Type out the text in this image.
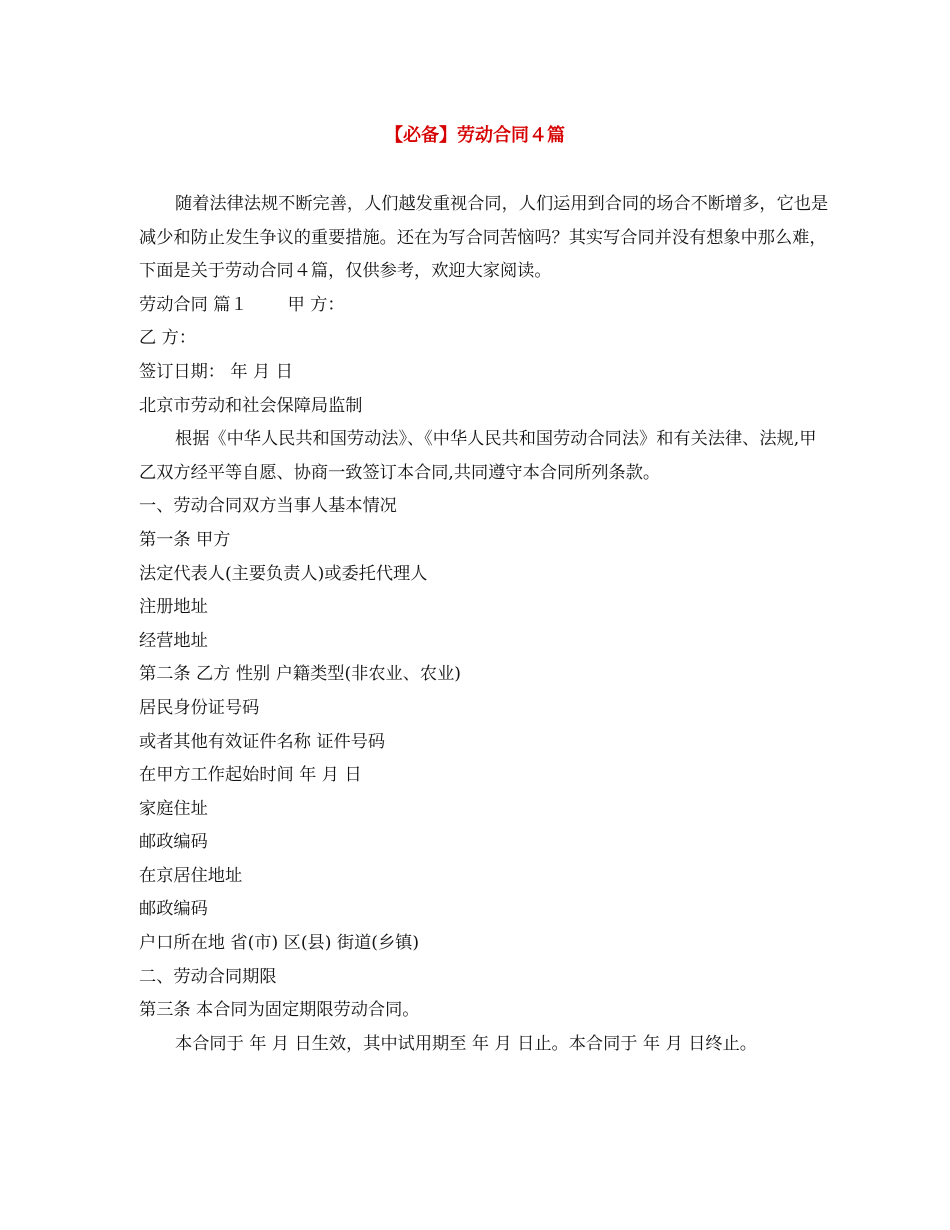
【必备】劳动合同４篇

随着法律法规不断完善，人们越发重视合同，人们运用到合同的场合不断增多，它也是减少和防止发生争议的重要措施。还在为写合同苦恼吗？其实写合同并没有想象中那么难，下面是关于劳动合同４篇，仅供参考，欢迎大家阅读。

劳动合同 篇１ 甲 方：

乙 方：

签订日期： 年 月 日

北京市劳动和社会保障局监制

根据《中华人民共和国劳动法》、《中华人民共和国劳动合同法》和有关法律、法规,甲乙双方经平等自愿、协商一致签订本合同,共同遵守本合同所列条款。

一、劳动合同双方当事人基本情况

第一条 甲方

法定代表人(主要负责人)或委托代理人

注册地址

经营地址

第二条 乙方 性别 户籍类型(非农业、农业)

居民身份证号码

或者其他有效证件名称 证件号码

在甲方工作起始时间 年 月 日

家庭住址

邮政编码

在京居住地址

邮政编码

户口所在地 省(市) 区(县) 街道(乡镇)

二、劳动合同期限

第三条 本合同为固定期限劳动合同。

本合同于 年 月 日生效，其中试用期至 年 月 日止。本合同于 年 月 日终止。
